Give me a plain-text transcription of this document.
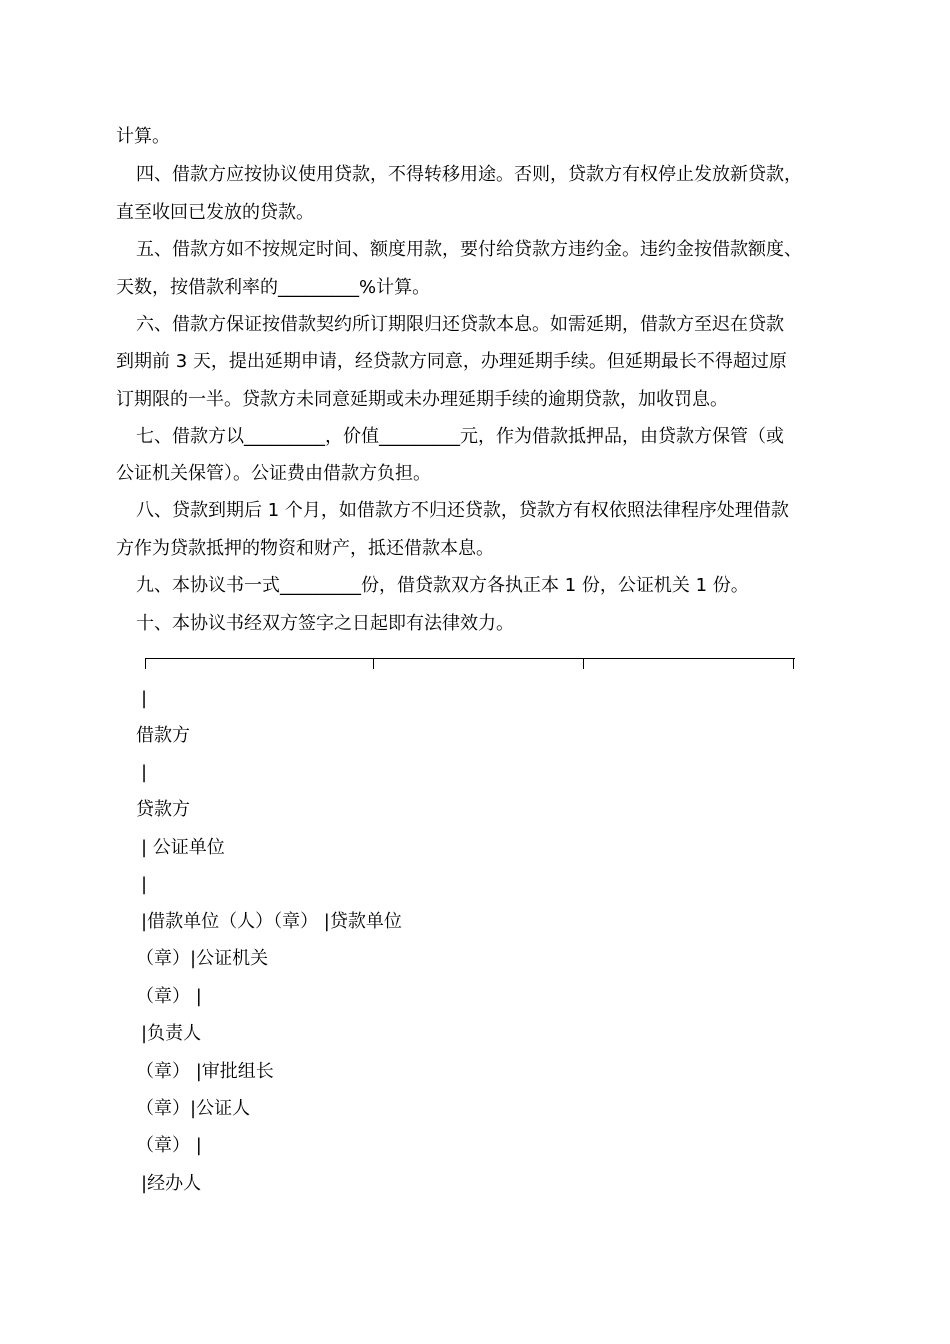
计算。
四、借款方应按协议使用贷款，不得转移用途。否则，贷款方有权停止发放新贷款，
直至收回已发放的贷款。
五、借款方如不按规定时间、额度用款，要付给贷款方违约金。违约金按借款额度、
天数，按借款利率的_________%计算。
六、借款方保证按借款契约所订期限归还贷款本息。如需延期，借款方至迟在贷款
到期前 3 天，提出延期申请，经贷款方同意，办理延期手续。但延期最长不得超过原
订期限的一半。贷款方未同意延期或未办理延期手续的逾期贷款，加收罚息。
七、借款方以_________，价值_________元，作为借款抵押品，由贷款方保管（或
公证机关保管）。公证费由借款方负担。
八、贷款到期后 1 个月，如借款方不归还贷款，贷款方有权依照法律程序处理借款
方作为贷款抵押的物资和财产，抵还借款本息。
九、本协议书一式_________份，借贷款双方各执正本 1 份，公证机关 1 份。
十、本协议书经双方签字之日起即有法律效力。
|
借款方
|
贷款方
| 公证单位
|
|借款单位（人）（章） |贷款单位
（章）|公证机关
（章） |
|负责人
（章） |审批组长
（章）|公证人
（章） |
|经办人
